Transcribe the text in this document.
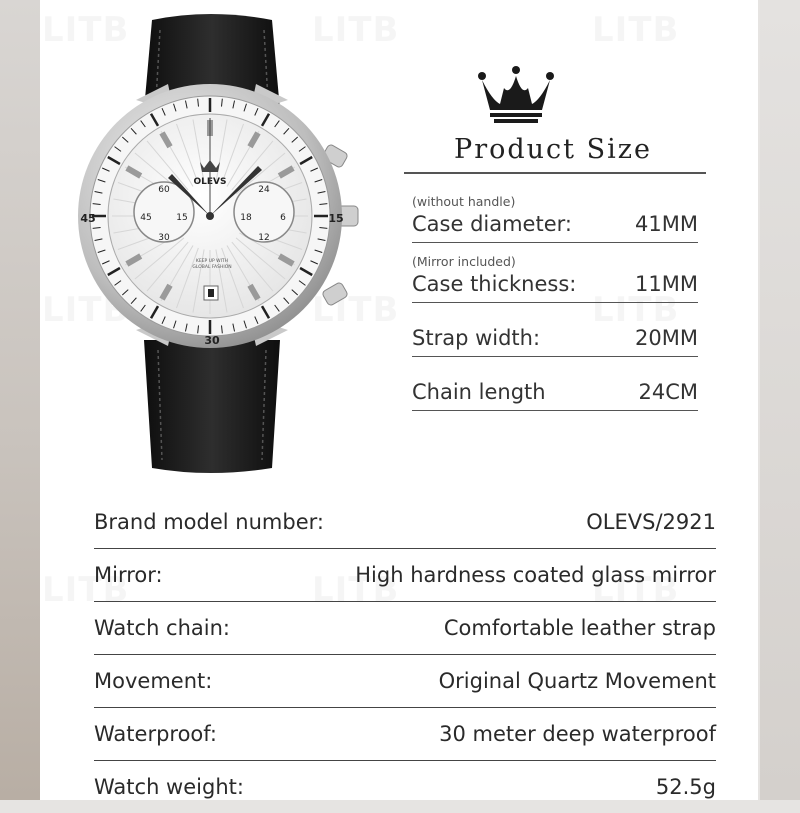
15
30
45
OLEVS
KEEP UP WITH
GLOBAL FASHION
60
15
30
45
24
6
12
18
Product Size
(without handle)
Case diameter:	41MM
(Mirror included)
Case thickness:	11MM
Strap width:	20MM
Chain length	24CM
Brand model number:	OLEVS/2921
Mirror:	High hardness coated glass mirror
Watch chain:	Comfortable leather strap
Movement:	Original Quartz Movement
Waterproof:	30 meter deep waterproof
Watch weight:	52.5g
